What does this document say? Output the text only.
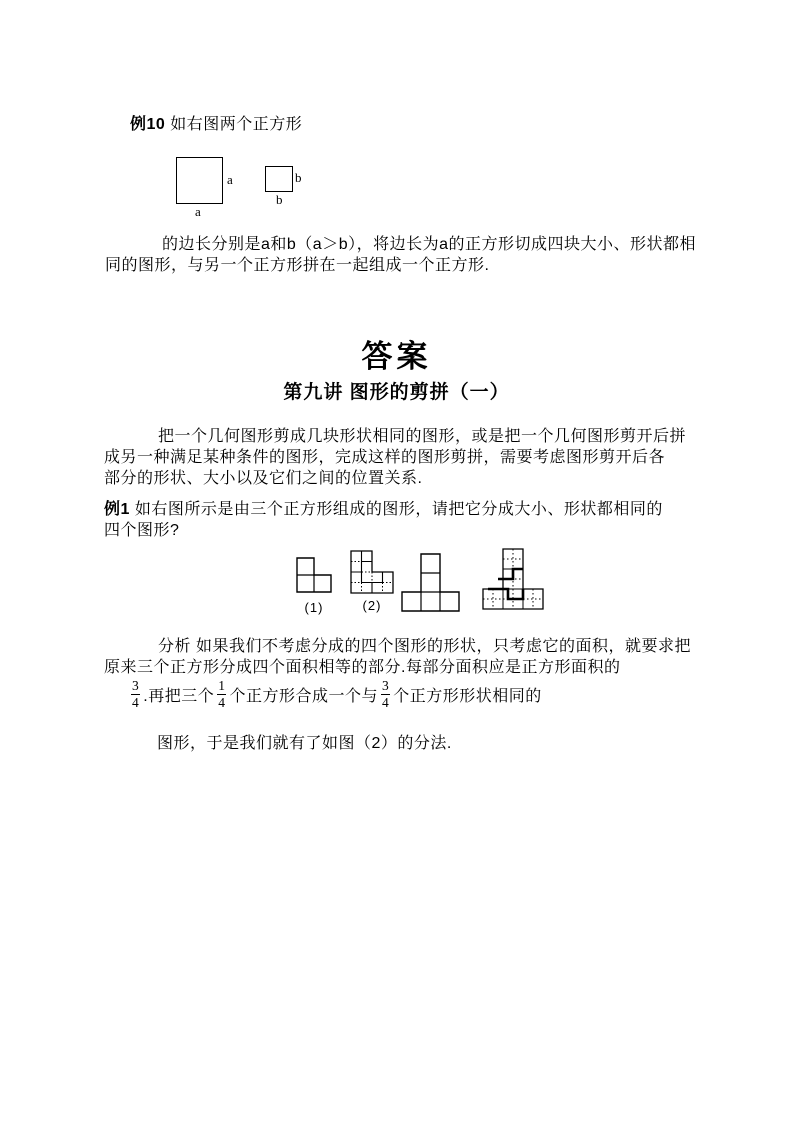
例10 如右图两个正方形
a
a
b
b
的边长分别是a和b（a＞b），将边长为a的正方形切成四块大小、形状都相
同的图形，与另一个正方形拼在一起组成一个正方形.
答案
第九讲 图形的剪拼（一）
把一个几何图形剪成几块形状相同的图形，或是把一个几何图形剪开后拼
成另一种满足某种条件的图形，完成这样的图形剪拼，需要考虑图形剪开后各
部分的形状、大小以及它们之间的位置关系.
例1 如右图所示是由三个正方形组成的图形，请把它分成大小、形状都相同的
四个图形?
(1)	(2)
分析 如果我们不考虑分成的四个图形的形状，只考虑它的面积，就要求把
原来三个正方形分成四个面积相等的部分.每部分面积应是正方形面积的
$\frac{3}{4}$ .再把三个 $\frac{1}{4}$ 个正方形合成一个与 $\frac{3}{4}$ 个正方形形状相同的
图形，于是我们就有了如图（2）的分法.
